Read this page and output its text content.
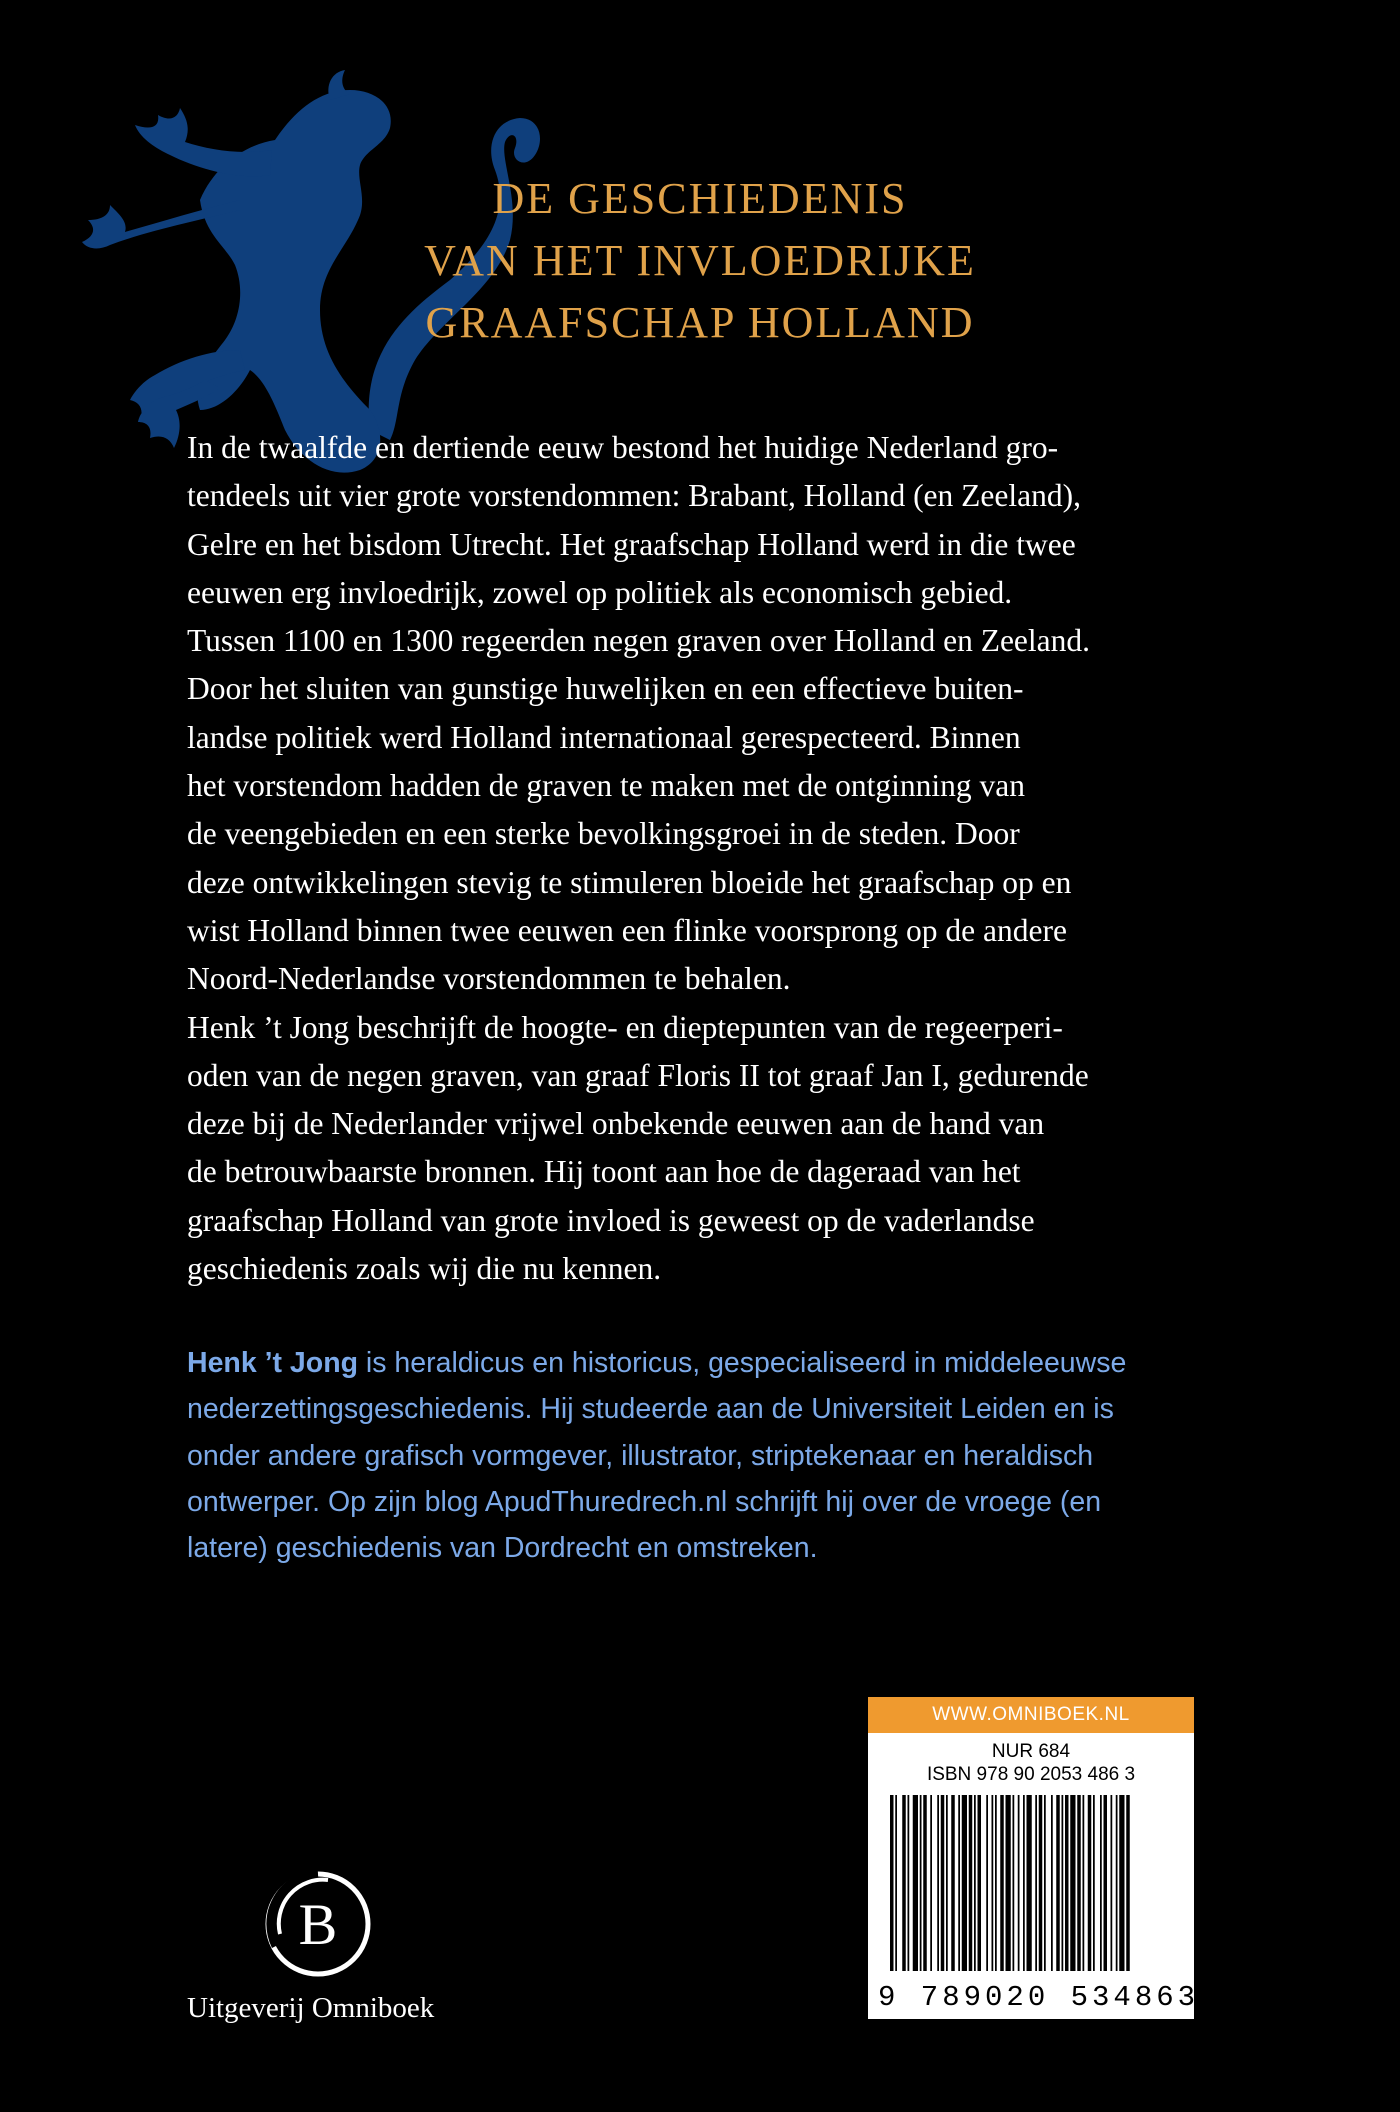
DE GESCHIEDENIS
VAN HET INVLOEDRIJKE
GRAAFSCHAP HOLLAND
In de twaalfde en dertiende eeuw bestond het huidige Nederland gro-
tendeels uit vier grote vorstendommen: Brabant, Holland (en Zeeland),
Gelre en het bisdom Utrecht. Het graafschap Holland werd in die twee
eeuwen erg invloedrijk, zowel op politiek als economisch gebied.
Tussen 1100 en 1300 regeerden negen graven over Holland en Zeeland.
Door het sluiten van gunstige huwelijken en een effectieve buiten-
landse politiek werd Holland internationaal gerespecteerd. Binnen
het vorstendom hadden de graven te maken met de ontginning van
de veengebieden en een sterke bevolkingsgroei in de steden. Door
deze ontwikkelingen stevig te stimuleren bloeide het graafschap op en
wist Holland binnen twee eeuwen een flinke voorsprong op de andere
Noord-Nederlandse vorstendommen te behalen.
Henk ’t Jong beschrijft de hoogte- en dieptepunten van de regeerperi-
oden van de negen graven, van graaf Floris II tot graaf Jan I, gedurende
deze bij de Nederlander vrijwel onbekende eeuwen aan de hand van
de betrouwbaarste bronnen. Hij toont aan hoe de dageraad van het
graafschap Holland van grote invloed is geweest op de vaderlandse
geschiedenis zoals wij die nu kennen.
Henk ’t Jong is heraldicus en historicus, gespecialiseerd in middeleeuwse
nederzettingsgeschiedenis. Hij studeerde aan de Universiteit Leiden en is
onder andere grafisch vormgever, illustrator, striptekenaar en heraldisch
ontwerper. Op zijn blog ApudThuredrech.nl schrijft hij over de vroege (en
latere) geschiedenis van Dordrecht en omstreken.
WWW.OMNIBOEK.NL
NUR 684
ISBN 978 90 2053 486 3
9 789020 534863
B
Uitgeverij Omniboek
